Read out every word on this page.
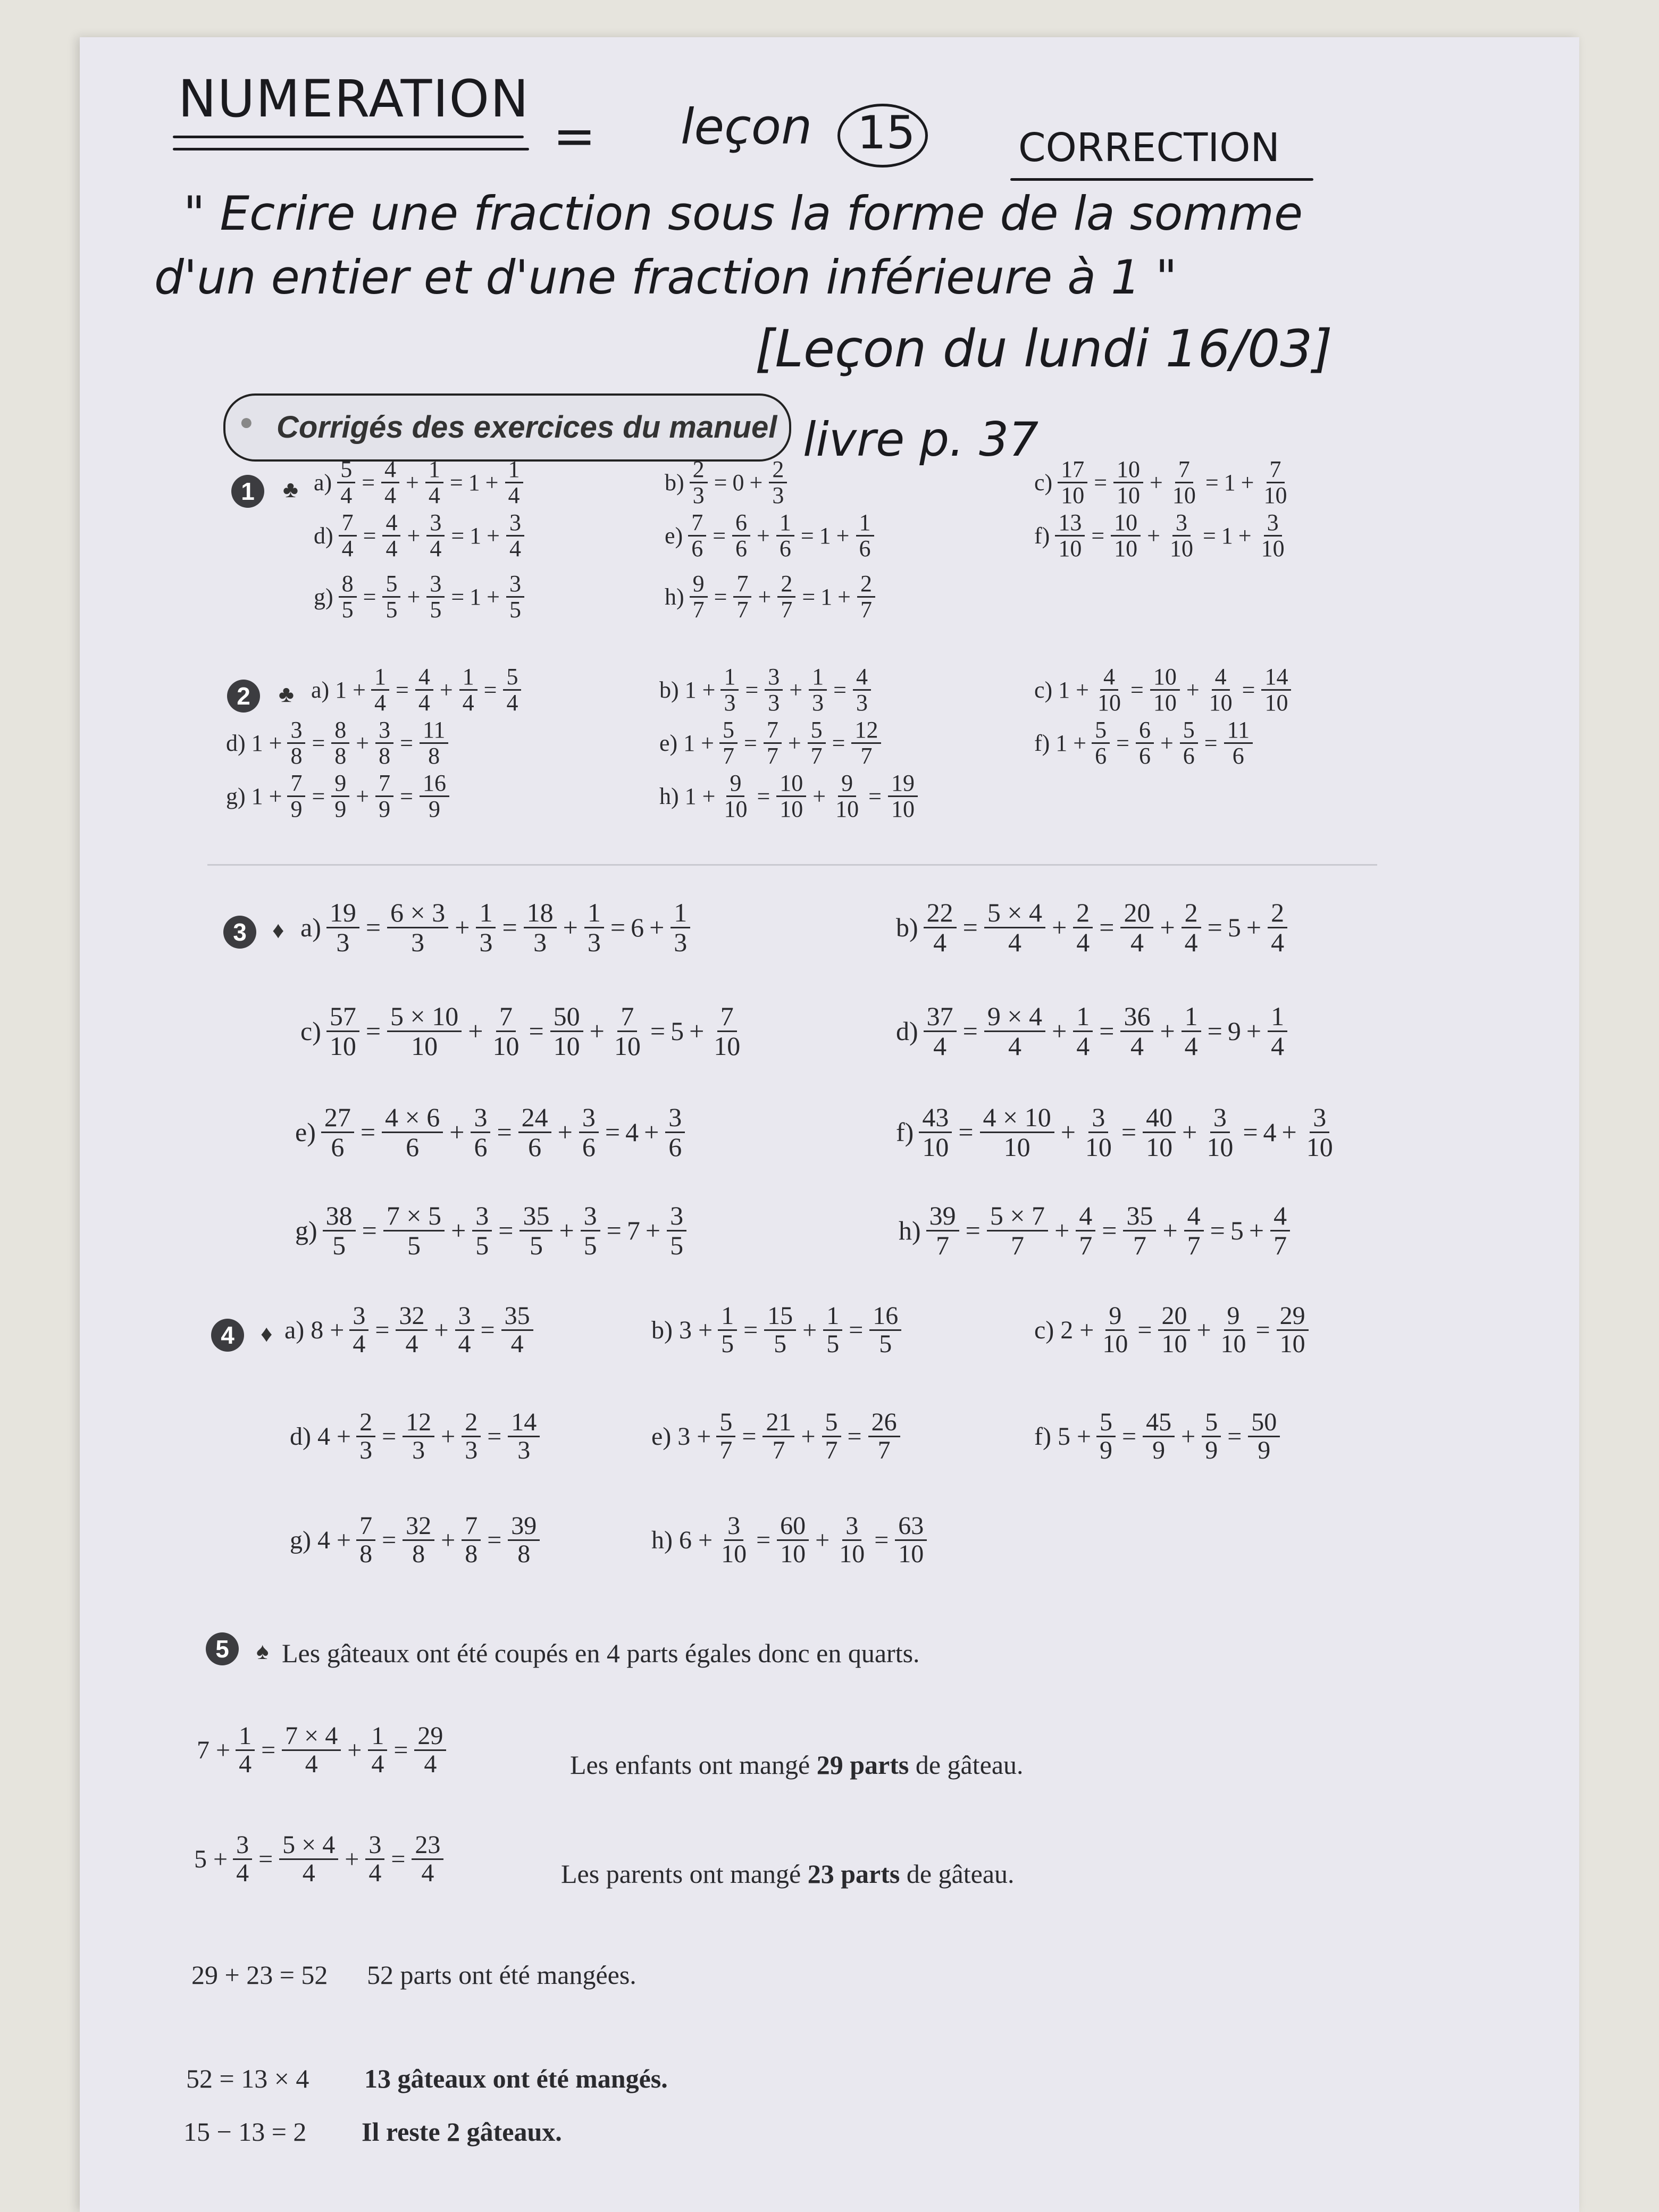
NUMERATION
= leçon 15	CORRECTION
" Ecrire une fraction sous la forme de la somme
d'un entier et d'une fraction inférieure à 1 "
[Leçon du lundi 16/03]
livre p. 37
● Corrigés des exercices du manuel
1	♣ $a) \frac{5}{4} = \frac{4}{4} + \frac{1}{4} = 1 + \frac{1}{4}$	$b) \frac{2}{3} = 0 + \frac{2}{3}$	$c) \frac{17}{10} = \frac{10}{10} + \frac{7}{10} = 1 + \frac{7}{10}$
$d) \frac{7}{4} = \frac{4}{4} + \frac{3}{4} = 1 + \frac{3}{4}$	$e) \frac{7}{6} = \frac{6}{6} + \frac{1}{6} = 1 + \frac{1}{6}$	$f) \frac{13}{10} = \frac{10}{10} + \frac{3}{10} = 1 + \frac{3}{10}$
$g) \frac{8}{5} = \frac{5}{5} + \frac{3}{5} = 1 + \frac{3}{5}$	$h) \frac{9}{7} = \frac{7}{7} + \frac{2}{7} = 1 + \frac{2}{7}$
2	♣ a) $1 + \frac{1}{4} = \frac{4}{4} + \frac{1}{4} = \frac{5}{4}$	b) $1 + \frac{1}{3} = \frac{3}{3} + \frac{1}{3} = \frac{4}{3}$	c) $1 + \frac{4}{10} = \frac{10}{10} + \frac{4}{10} = \frac{14}{10}$
d) $1 + \frac{3}{8} = \frac{8}{8} + \frac{3}{8} = \frac{11}{8}$	e) $1 + \frac{5}{7} = \frac{7}{7} + \frac{5}{7} = \frac{12}{7}$	f) $1 + \frac{5}{6} = \frac{6}{6} + \frac{5}{6} = \frac{11}{6}$
g) $1 + \frac{7}{9} = \frac{9}{9} + \frac{7}{9} = \frac{16}{9}$	h) $1 + \frac{9}{10} = \frac{10}{10} + \frac{9}{10} = \frac{19}{10}$
3	♦ $a) \frac{19}{3} = \frac{6 \times 3}{3} + \frac{1}{3} = \frac{18}{3} + \frac{1}{3} = 6 + \frac{1}{3}$	$b) \frac{22}{4} = \frac{5 \times 4}{4} + \frac{2}{4} = \frac{20}{4} + \frac{2}{4} = 5 + \frac{2}{4}$
$c) \frac{57}{10} = \frac{5 \times 10}{10} + \frac{7}{10} = \frac{50}{10} + \frac{7}{10} = 5 + \frac{7}{10}$	$d) \frac{37}{4} = \frac{9 \times 4}{4} + \frac{1}{4} = \frac{36}{4} + \frac{1}{4} = 9 + \frac{1}{4}$
$e) \frac{27}{6} = \frac{4 \times 6}{6} + \frac{3}{6} = \frac{24}{6} + \frac{3}{6} = 4 + \frac{3}{6}$	$f) \frac{43}{10} = \frac{4 \times 10}{10} + \frac{3}{10} = \frac{40}{10} + \frac{3}{10} = 4 + \frac{3}{10}$
$g) \frac{38}{5} = \frac{7 \times 5}{5} + \frac{3}{5} = \frac{35}{5} + \frac{3}{5} = 7 + \frac{3}{5}$	$h) \frac{39}{7} = \frac{5 \times 7}{7} + \frac{4}{7} = \frac{35}{7} + \frac{4}{7} = 5 + \frac{4}{7}$
4	♦ a) $8 + \frac{3}{4} = \frac{32}{4} + \frac{3}{4} = \frac{35}{4}$	b) $3 + \frac{1}{5} = \frac{15}{5} + \frac{1}{5} = \frac{16}{5}$	c) $2 + \frac{9}{10} = \frac{20}{10} + \frac{9}{10} = \frac{29}{10}$
d) $4 + \frac{2}{3} = \frac{12}{3} + \frac{2}{3} = \frac{14}{3}$	e) $3 + \frac{5}{7} = \frac{21}{7} + \frac{5}{7} = \frac{26}{7}$	f) $5 + \frac{5}{9} = \frac{45}{9} + \frac{5}{9} = \frac{50}{9}$
g) $4 + \frac{7}{8} = \frac{32}{8} + \frac{7}{8} = \frac{39}{8}$	h) $6 + \frac{3}{10} = \frac{60}{10} + \frac{3}{10} = \frac{63}{10}$
5	♠
$7 + \frac{1}{4} = \frac{7 \times 4}{4} + \frac{1}{4} = \frac{29}{4}$
$5 + \frac{3}{4} = \frac{5 \times 4}{4} + \frac{3}{4} = \frac{23}{4}$
Les gâteaux ont été coupés en 4 parts égales donc en quarts.
Les enfants ont mangé 29 parts de gâteau.
Les parents ont mangé 23 parts de gâteau.
29 + 23 = 52 52 parts ont été mangées.
52 = 13 × 4 13 gâteaux ont été mangés.
15 − 13 = 2 Il reste 2 gâteaux.
